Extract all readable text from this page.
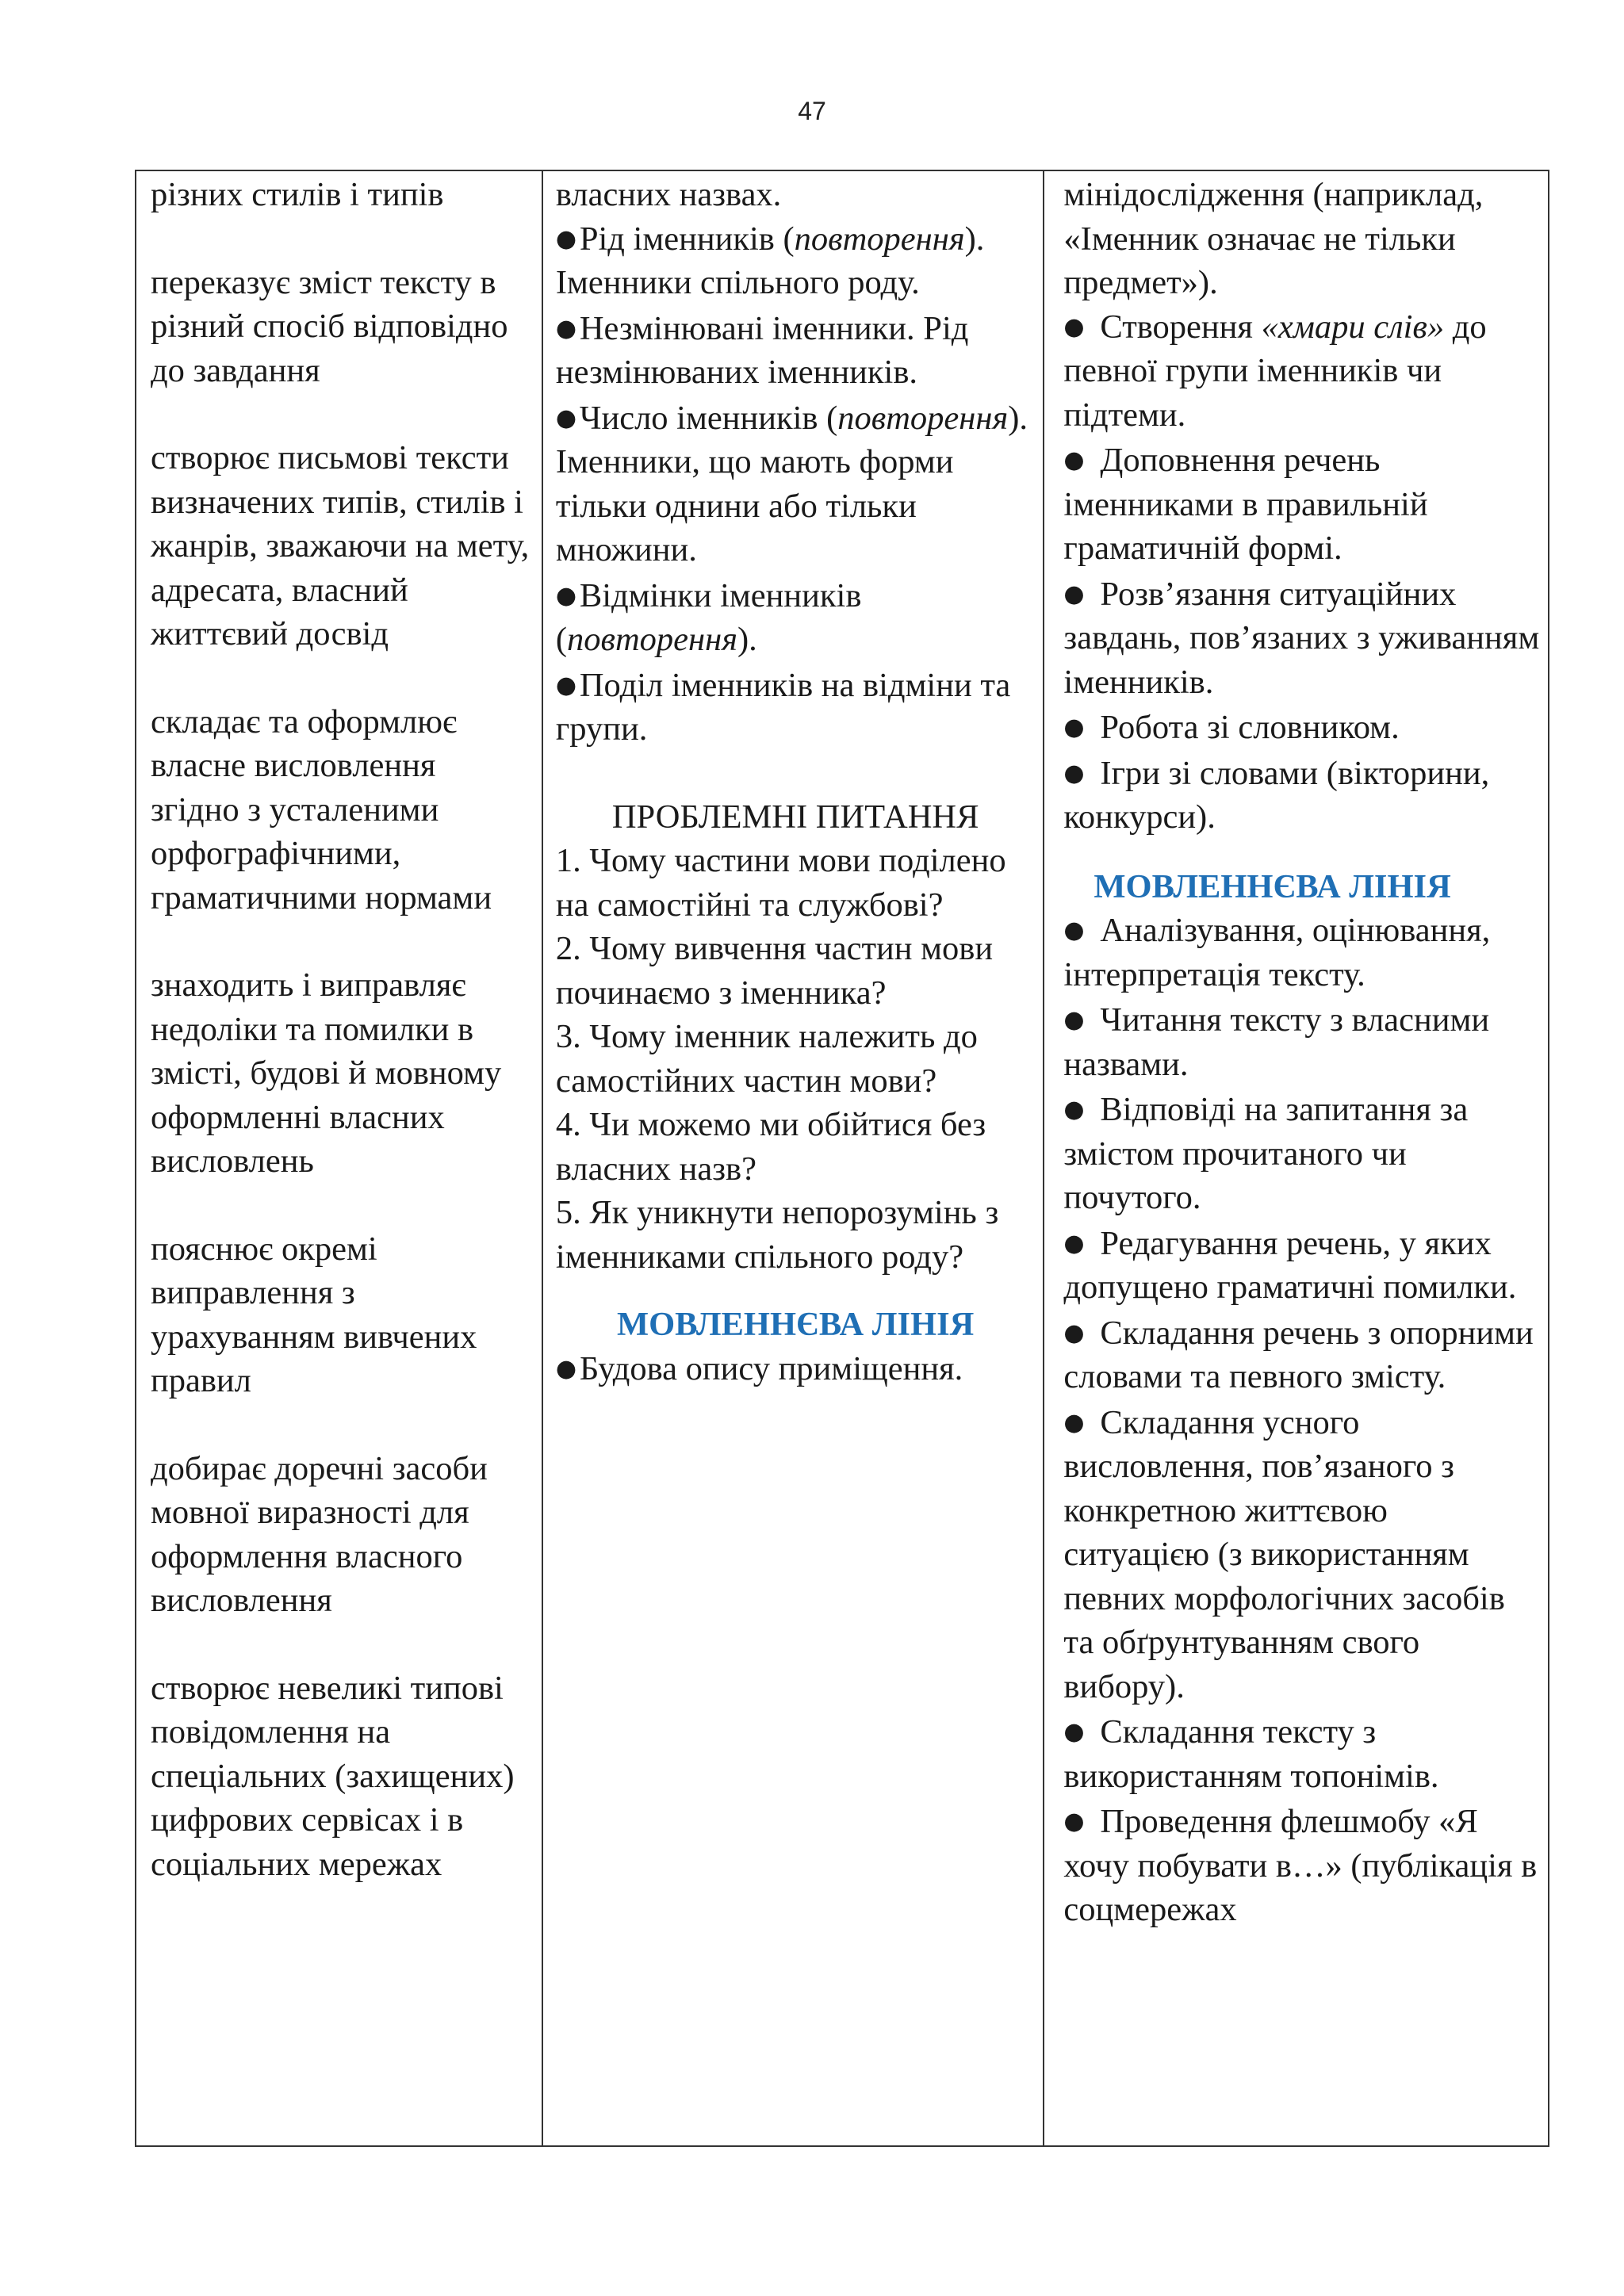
47

різних стилів і типів

переказує зміст тексту в різний спосіб відповідно до завдання

створює письмові тексти визначених типів, стилів і жанрів, зважаючи на мету, адресата, власний життєвий досвід

складає та оформлює власне висловлення згідно з усталеними орфографічними, граматичними нормами

знаходить і виправляє недоліки та помилки в змісті, будові й мовному оформленні власних висловлень

пояснює окремі виправлення з урахуванням вивчених правил

добирає доречні засоби мовної виразності для оформлення власного висловлення

створює невеликі типові повідомлення на спеціальних (захищених) цифрових сервісах і в соціальних мережах

власних назвах.

●Рід іменників (повторення). Іменники спільного роду.

●Незмінювані іменники. Рід незмінюваних іменників.

●Число іменників (повторення). Іменники, що мають форми тільки однини або тільки множини.

●Відмінки іменників (повторення).

●Поділ іменників на відміни та групи.

ПРОБЛЕМНІ ПИТАННЯ

1. Чому частини мови поділено на самостійні та службові?

2. Чому вивчення частин мови починаємо з іменника?

3. Чому іменник належить до самостійних частин мови?

4. Чи можемо ми обійтися без власних назв?

5. Як уникнути непорозумінь з іменниками спільного роду?

МОВЛЕННЄВА ЛІНІЯ

●Будова опису приміщення.

мінідослідження (наприклад, «Іменник означає не тільки предмет»).

● Створення «хмари слів» до певної групи іменників чи підтеми.

● Доповнення речень іменниками в правильній граматичній формі.

● Розв’язання ситуаційних завдань, пов’язаних з уживанням іменників.

● Робота зі словником.

● Ігри зі словами (вікторини, конкурси).

МОВЛЕННЄВА ЛІНІЯ

● Аналізування, оцінювання, інтерпретація тексту.

● Читання тексту з власними назвами.

● Відповіді на запитання за змістом прочитаного чи почутого.

● Редагування речень, у яких допущено граматичні помилки.

● Складання речень з опорними словами та певного змісту.

● Складання усного висловлення, пов’язаного з конкретною життєвою ситуацією (з використанням певних морфологічних засобів та обґрунтуванням свого вибору).

● Складання тексту з використанням топонімів.

● Проведення флешмобу «Я хочу побувати в…» (публікація в соцмережах
